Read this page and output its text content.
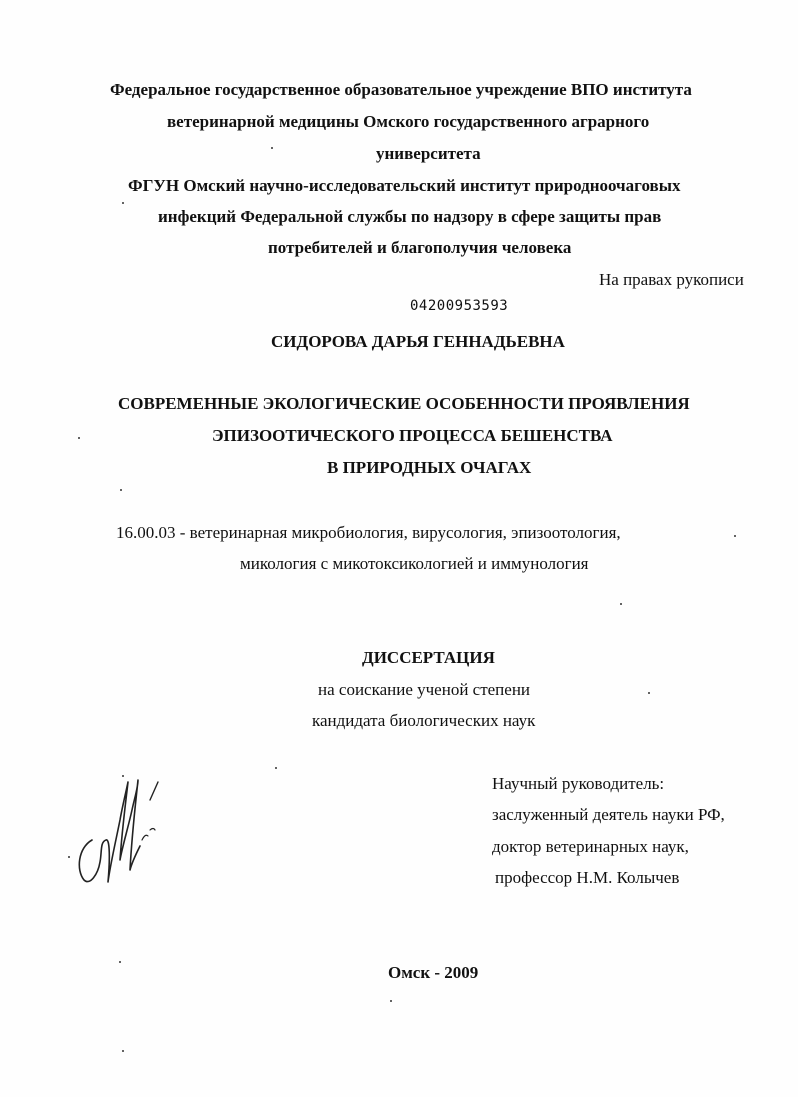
Федеральное государственное образовательное учреждение ВПО института
ветеринарной медицины Омского государственного аграрного
университета
ФГУН Омский научно-исследовательский институт природноочаговых
инфекций Федеральной службы по надзору в сфере защиты прав
потребителей и благополучия человека
На правах рукописи
04200953593
СИДОРОВА ДАРЬЯ ГЕННАДЬЕВНА
СОВРЕМЕННЫЕ ЭКОЛОГИЧЕСКИЕ ОСОБЕННОСТИ ПРОЯВЛЕНИЯ
ЭПИЗООТИЧЕСКОГО ПРОЦЕССА БЕШЕНСТВА
В ПРИРОДНЫХ ОЧАГАХ
16.00.03 - ветеринарная микробиология, вирусология, эпизоотология,
микология с микотоксикологией и иммунология
ДИССЕРТАЦИЯ
на соискание ученой степени
кандидата биологических наук
Научный руководитель:
заслуженный деятель науки РФ,
доктор ветеринарных наук,
профессор Н.М. Колычев
Омск - 2009
